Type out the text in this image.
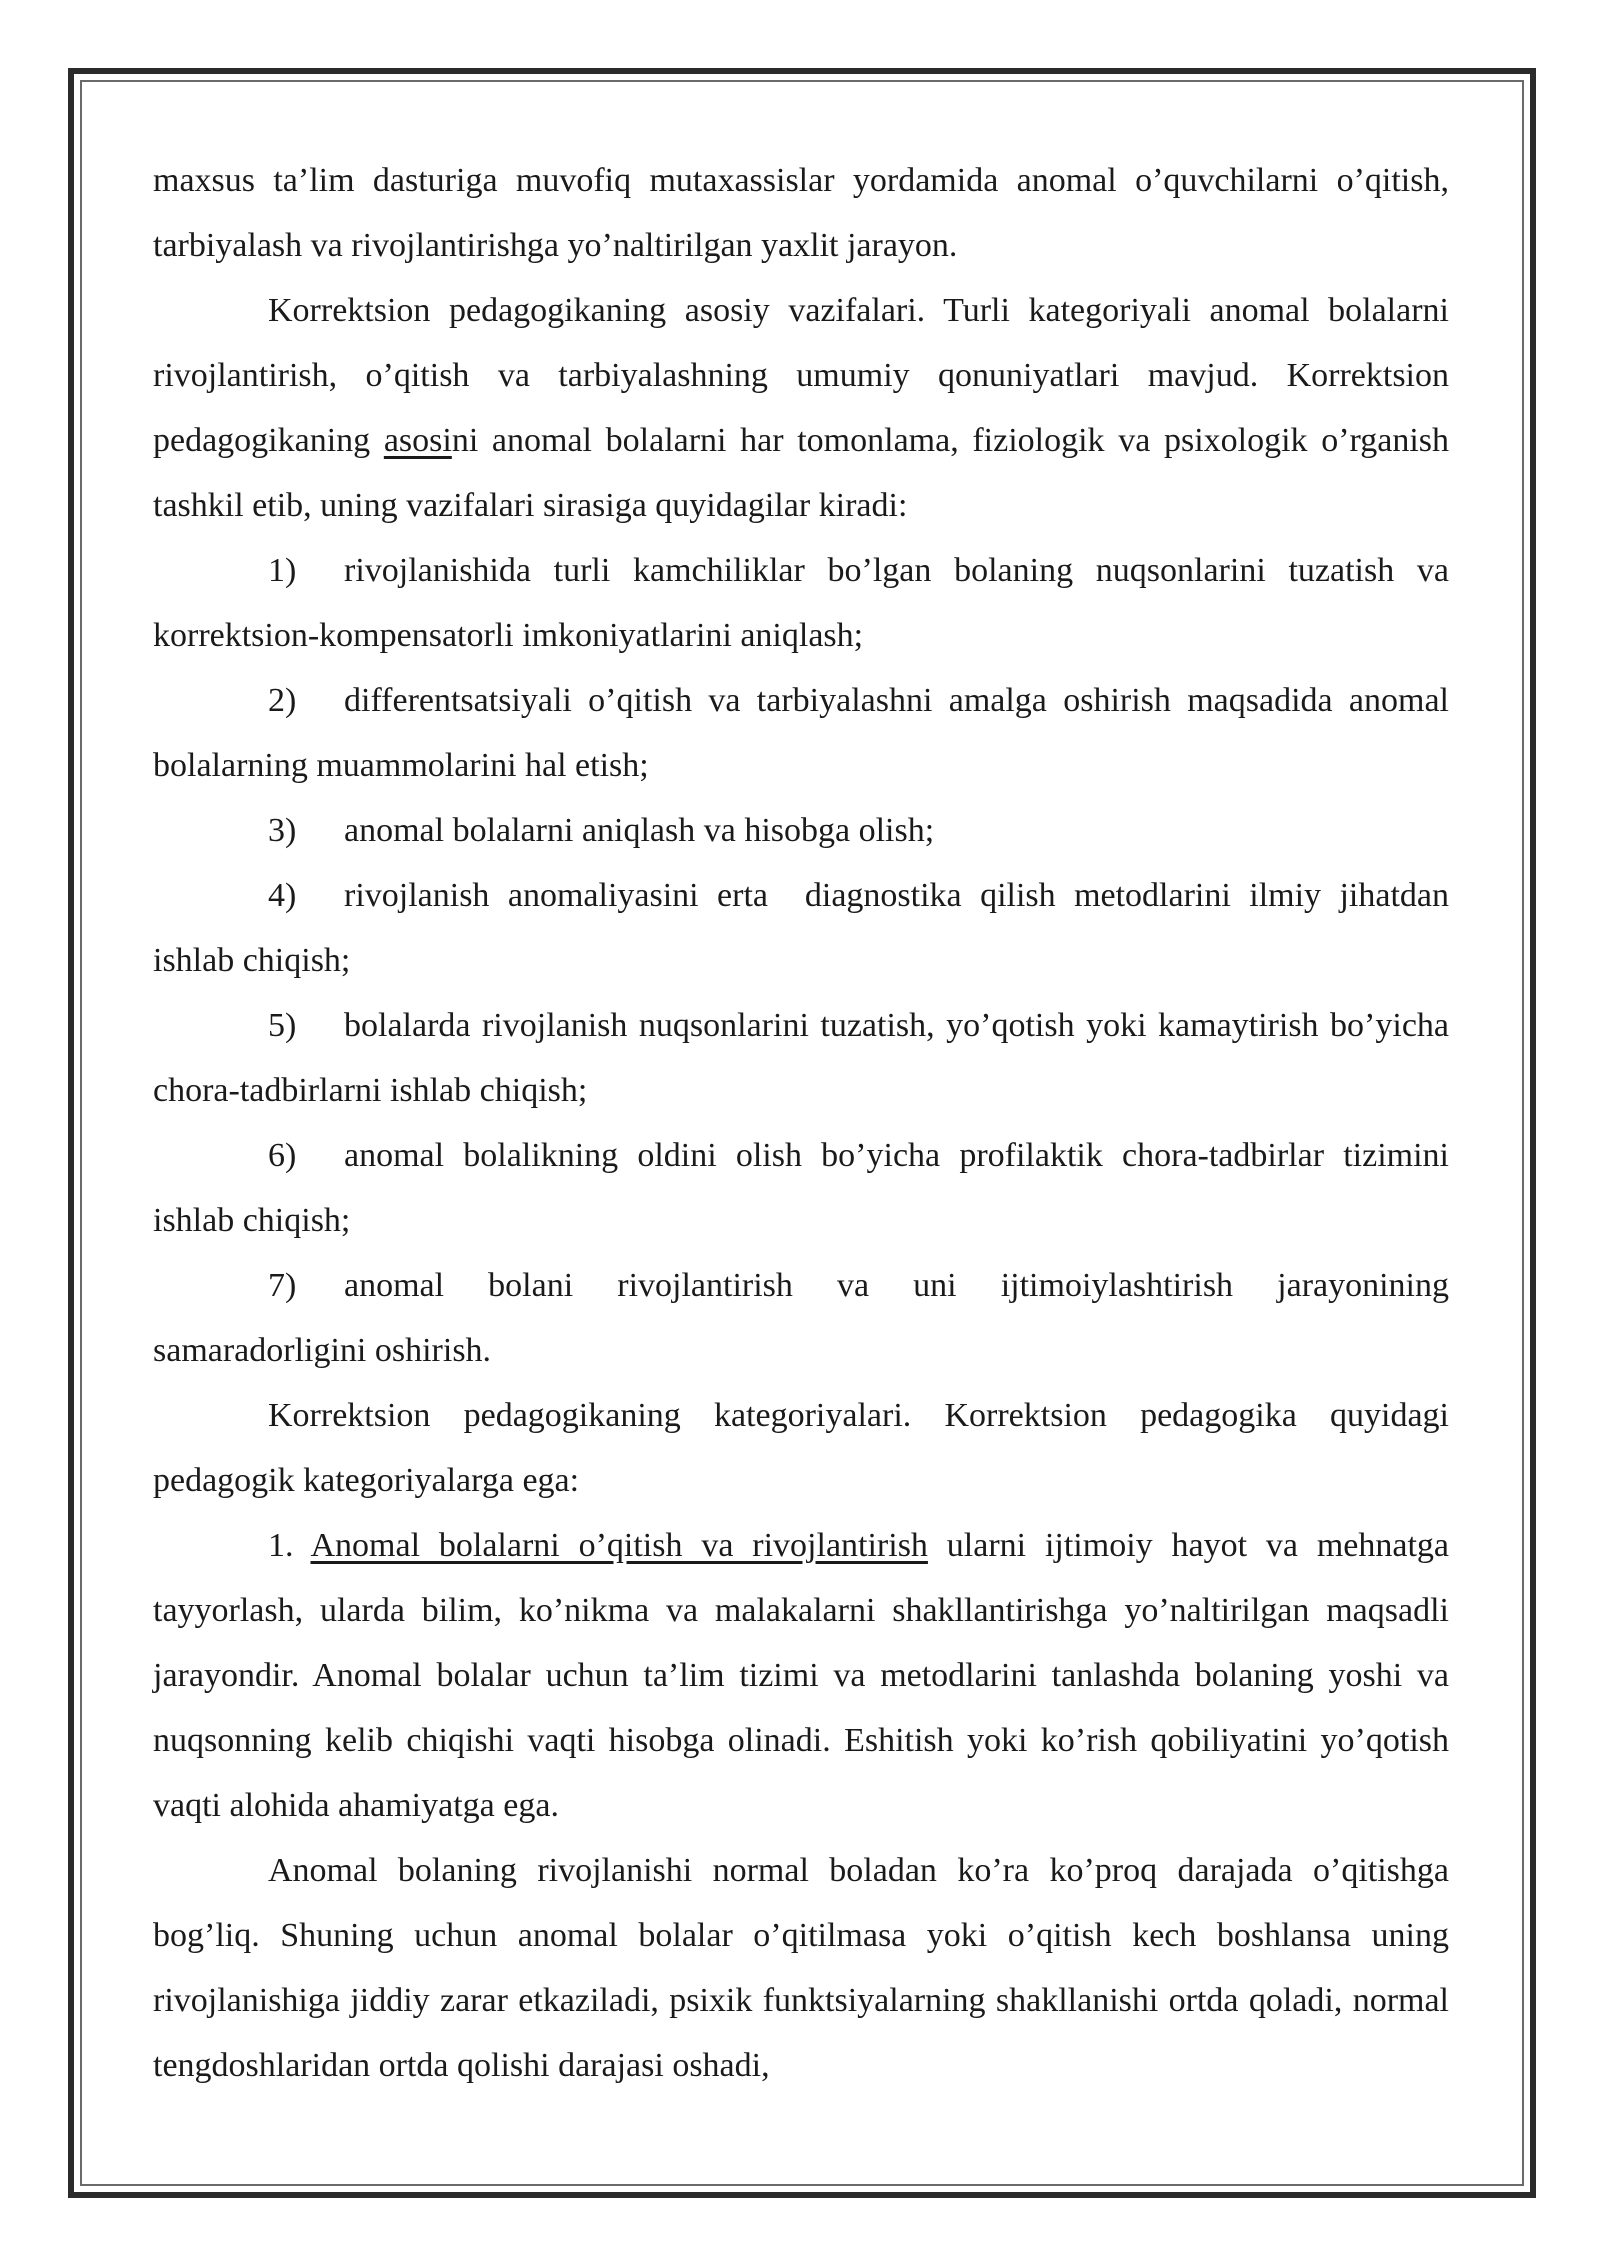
maxsus ta’lim dasturiga muvofiq mutaxassislar yordamida anomal o’quvchilarni o’qitish, tarbiyalash va rivojlantirishga yo’naltirilgan yaxlit jarayon.

Korrektsion pedagogikaning asosiy vazifalari. Turli kategoriyali anomal bolalarni rivojlantirish, o’qitish va tarbiyalashning umumiy qonuniyatlari mavjud. Korrektsion pedagogikaning asosini anomal bolalarni har tomonlama, fiziologik va psixologik o’rganish tashkil etib, uning vazifalari sirasiga quyidagilar kiradi:

1) rivojlanishida turli kamchiliklar bo’lgan bolaning nuqsonlarini tuzatish va korrektsion-kompensatorli imkoniyatlarini aniqlash;

2) differentsatsiyali o’qitish va tarbiyalashni amalga oshirish maqsadida anomal bolalarning muammolarini hal etish;

3) anomal bolalarni aniqlash va hisobga olish;

4) rivojlanish anomaliyasini erta  diagnostika qilish metodlarini ilmiy jihatdan ishlab chiqish;

5) bolalarda rivojlanish nuqsonlarini tuzatish, yo’qotish yoki kamaytirish bo’yicha chora-tadbirlarni ishlab chiqish;

6) anomal bolalikning oldini olish bo’yicha profilaktik chora-tadbirlar tizimini ishlab chiqish;

7) anomal bolani rivojlantirish va uni ijtimoiylashtirish jarayonining samaradorligini oshirish.

Korrektsion pedagogikaning kategoriyalari. Korrektsion pedagogika quyidagi pedagogik kategoriyalarga ega:

1. Anomal bolalarni o’qitish va rivojlantirish ularni ijtimoiy hayot va mehnatga tayyorlash, ularda bilim, ko’nikma va malakalarni shakllantirishga yo’naltirilgan maqsadli jarayondir. Anomal bolalar uchun ta’lim tizimi va metodlarini tanlashda bolaning yoshi va nuqsonning kelib chiqishi vaqti hisobga olinadi. Eshitish yoki ko’rish qobiliyatini yo’qotish vaqti alohida ahamiyatga ega.

Anomal bolaning rivojlanishi normal boladan ko’ra ko’proq darajada o’qitishga bog’liq. Shuning uchun anomal bolalar o’qitilmasa yoki o’qitish kech boshlansa uning rivojlanishiga jiddiy zarar etkaziladi, psixik funktsiyalarning shakllanishi ortda qoladi, normal tengdoshlaridan ortda qolishi darajasi oshadi,
